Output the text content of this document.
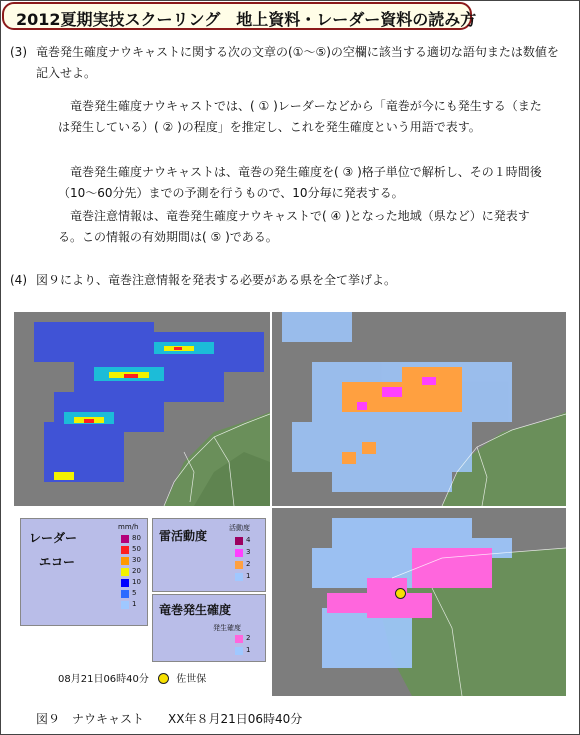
2012夏期実技スクーリング　地上資料・レーダー資料の読み方
(3) 竜巻発生確度ナウキャストに関する次の文章の(①～⑤)の空欄に該当する適切な語句または数値を記入せよ。
竜巻発生確度ナウキャストでは、( ① )レーダーなどから「竜巻が今にも発生する（または発生している）( ② )の程度」を推定し、これを発生確度という用語で表す。
竜巻発生確度ナウキャストは、竜巻の発生確度を( ③ )格子単位で解析し、その１時間後（10～60分先）までの予測を行うもので、10分毎に発表する。
竜巻注意情報は、竜巻発生確度ナウキャストで( ④ )となった地域（県など）に発表する。この情報の有効期間は( ⑤ )である。
(4) 図９により、竜巻注意情報を発表する必要がある県を全て挙げよ。
レーダー
エコー
mm/h
80
50
30
20
10
5
1
雷活動度
活動度
4
3
2
1
竜巻発生確度
発生確度
2
1
08月21日06時40分	佐世保
図９　ナウキャスト　　XX年８月21日06時40分
